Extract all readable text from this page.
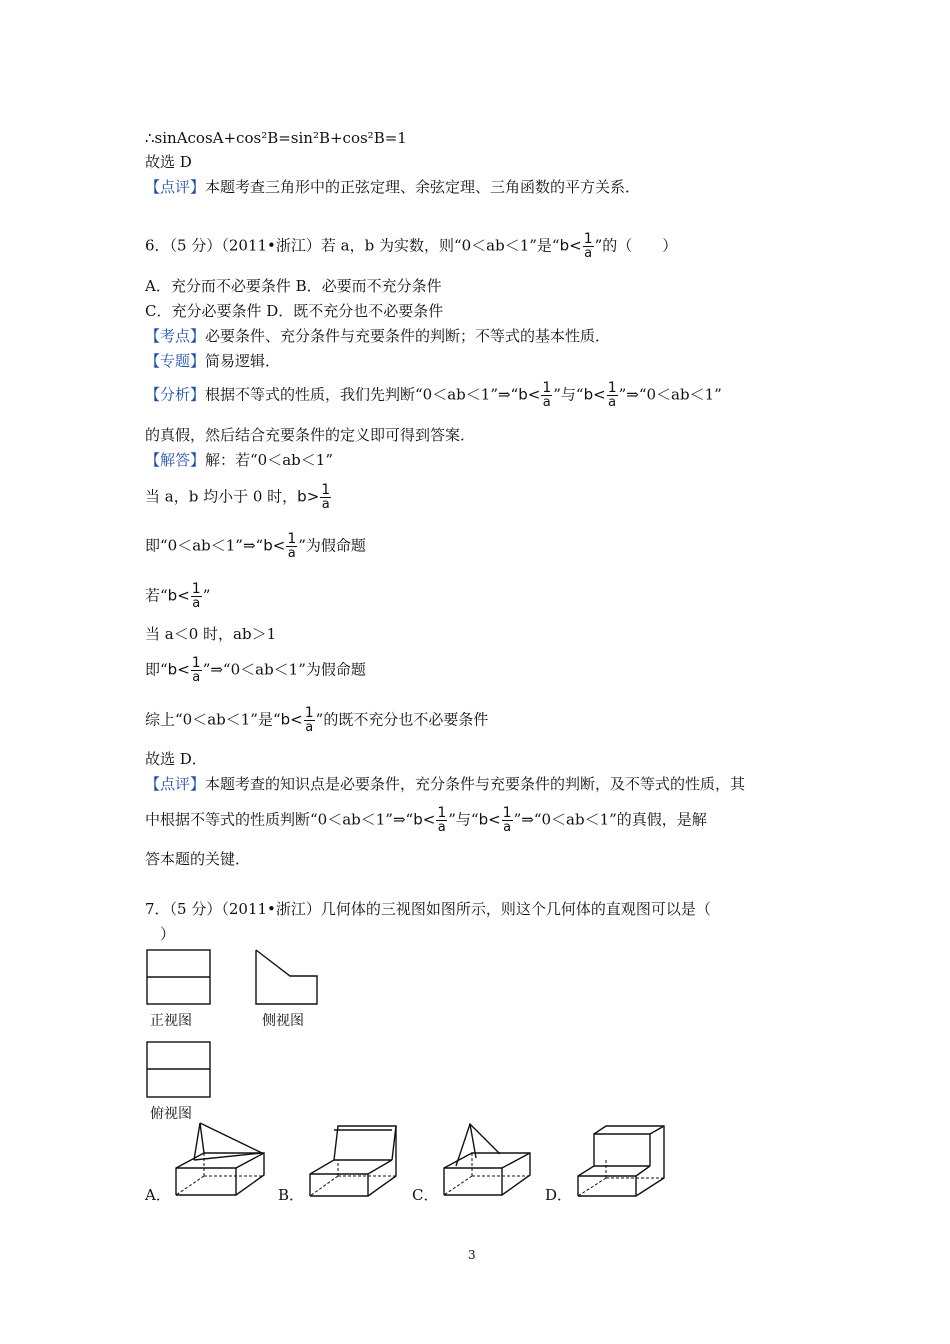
∴sinAcosA+cos²B=sin²B+cos²B=1
故选 D
【点评】本题考查三角形中的正弦定理、余弦定理、三角函数的平方关系．
6．（5 分）（2011•浙江）若 a，b 为实数，则“0＜ab＜1”是“$b< \frac{1}{a}$ ”的（　　）
A．充分而不必要条件 B．必要而不充分条件
C．充分必要条件 D．既不充分也不必要条件
【考点】必要条件、充分条件与充要条件的判断；不等式的基本性质．
【专题】简易逻辑．
【分析】根据不等式的性质，我们先判断“0＜ab＜1”⇒“b< $\frac{1}{a}$ ”与“$b< \frac{1}{a}$ ”⇒“0＜ab＜1”
的真假，然后结合充要条件的定义即可得到答案．
【解答】解：若“0＜ab＜1”
当 a，b 均小于 0 时，$b> \frac{1}{a}$
即“0＜ab＜1”⇒“b< $\frac{1}{a}$ ”为假命题
若“$b< \frac{1}{a}$ ”
当 a＜0 时，ab＞1
即“$b< \frac{1}{a}$ ”⇒“0＜ab＜1”为假命题
综上“0＜ab＜1”是“$b< \frac{1}{a}$ ”的既不充分也不必要条件
故选 D．
【点评】本题考查的知识点是必要条件，充分条件与充要条件的判断，及不等式的性质，其
中根据不等式的性质判断“0＜ab＜1”⇒“b< $\frac{1}{a}$ ”与“$b< \frac{1}{a}$ ”⇒“0＜ab＜1”的真假，是解
答本题的关键．
7．（5 分）（2011•浙江）几何体的三视图如图所示，则这个几何体的直观图可以是（
）
正视图	侧视图
俯视图
A．	B．	C．	D．
3
